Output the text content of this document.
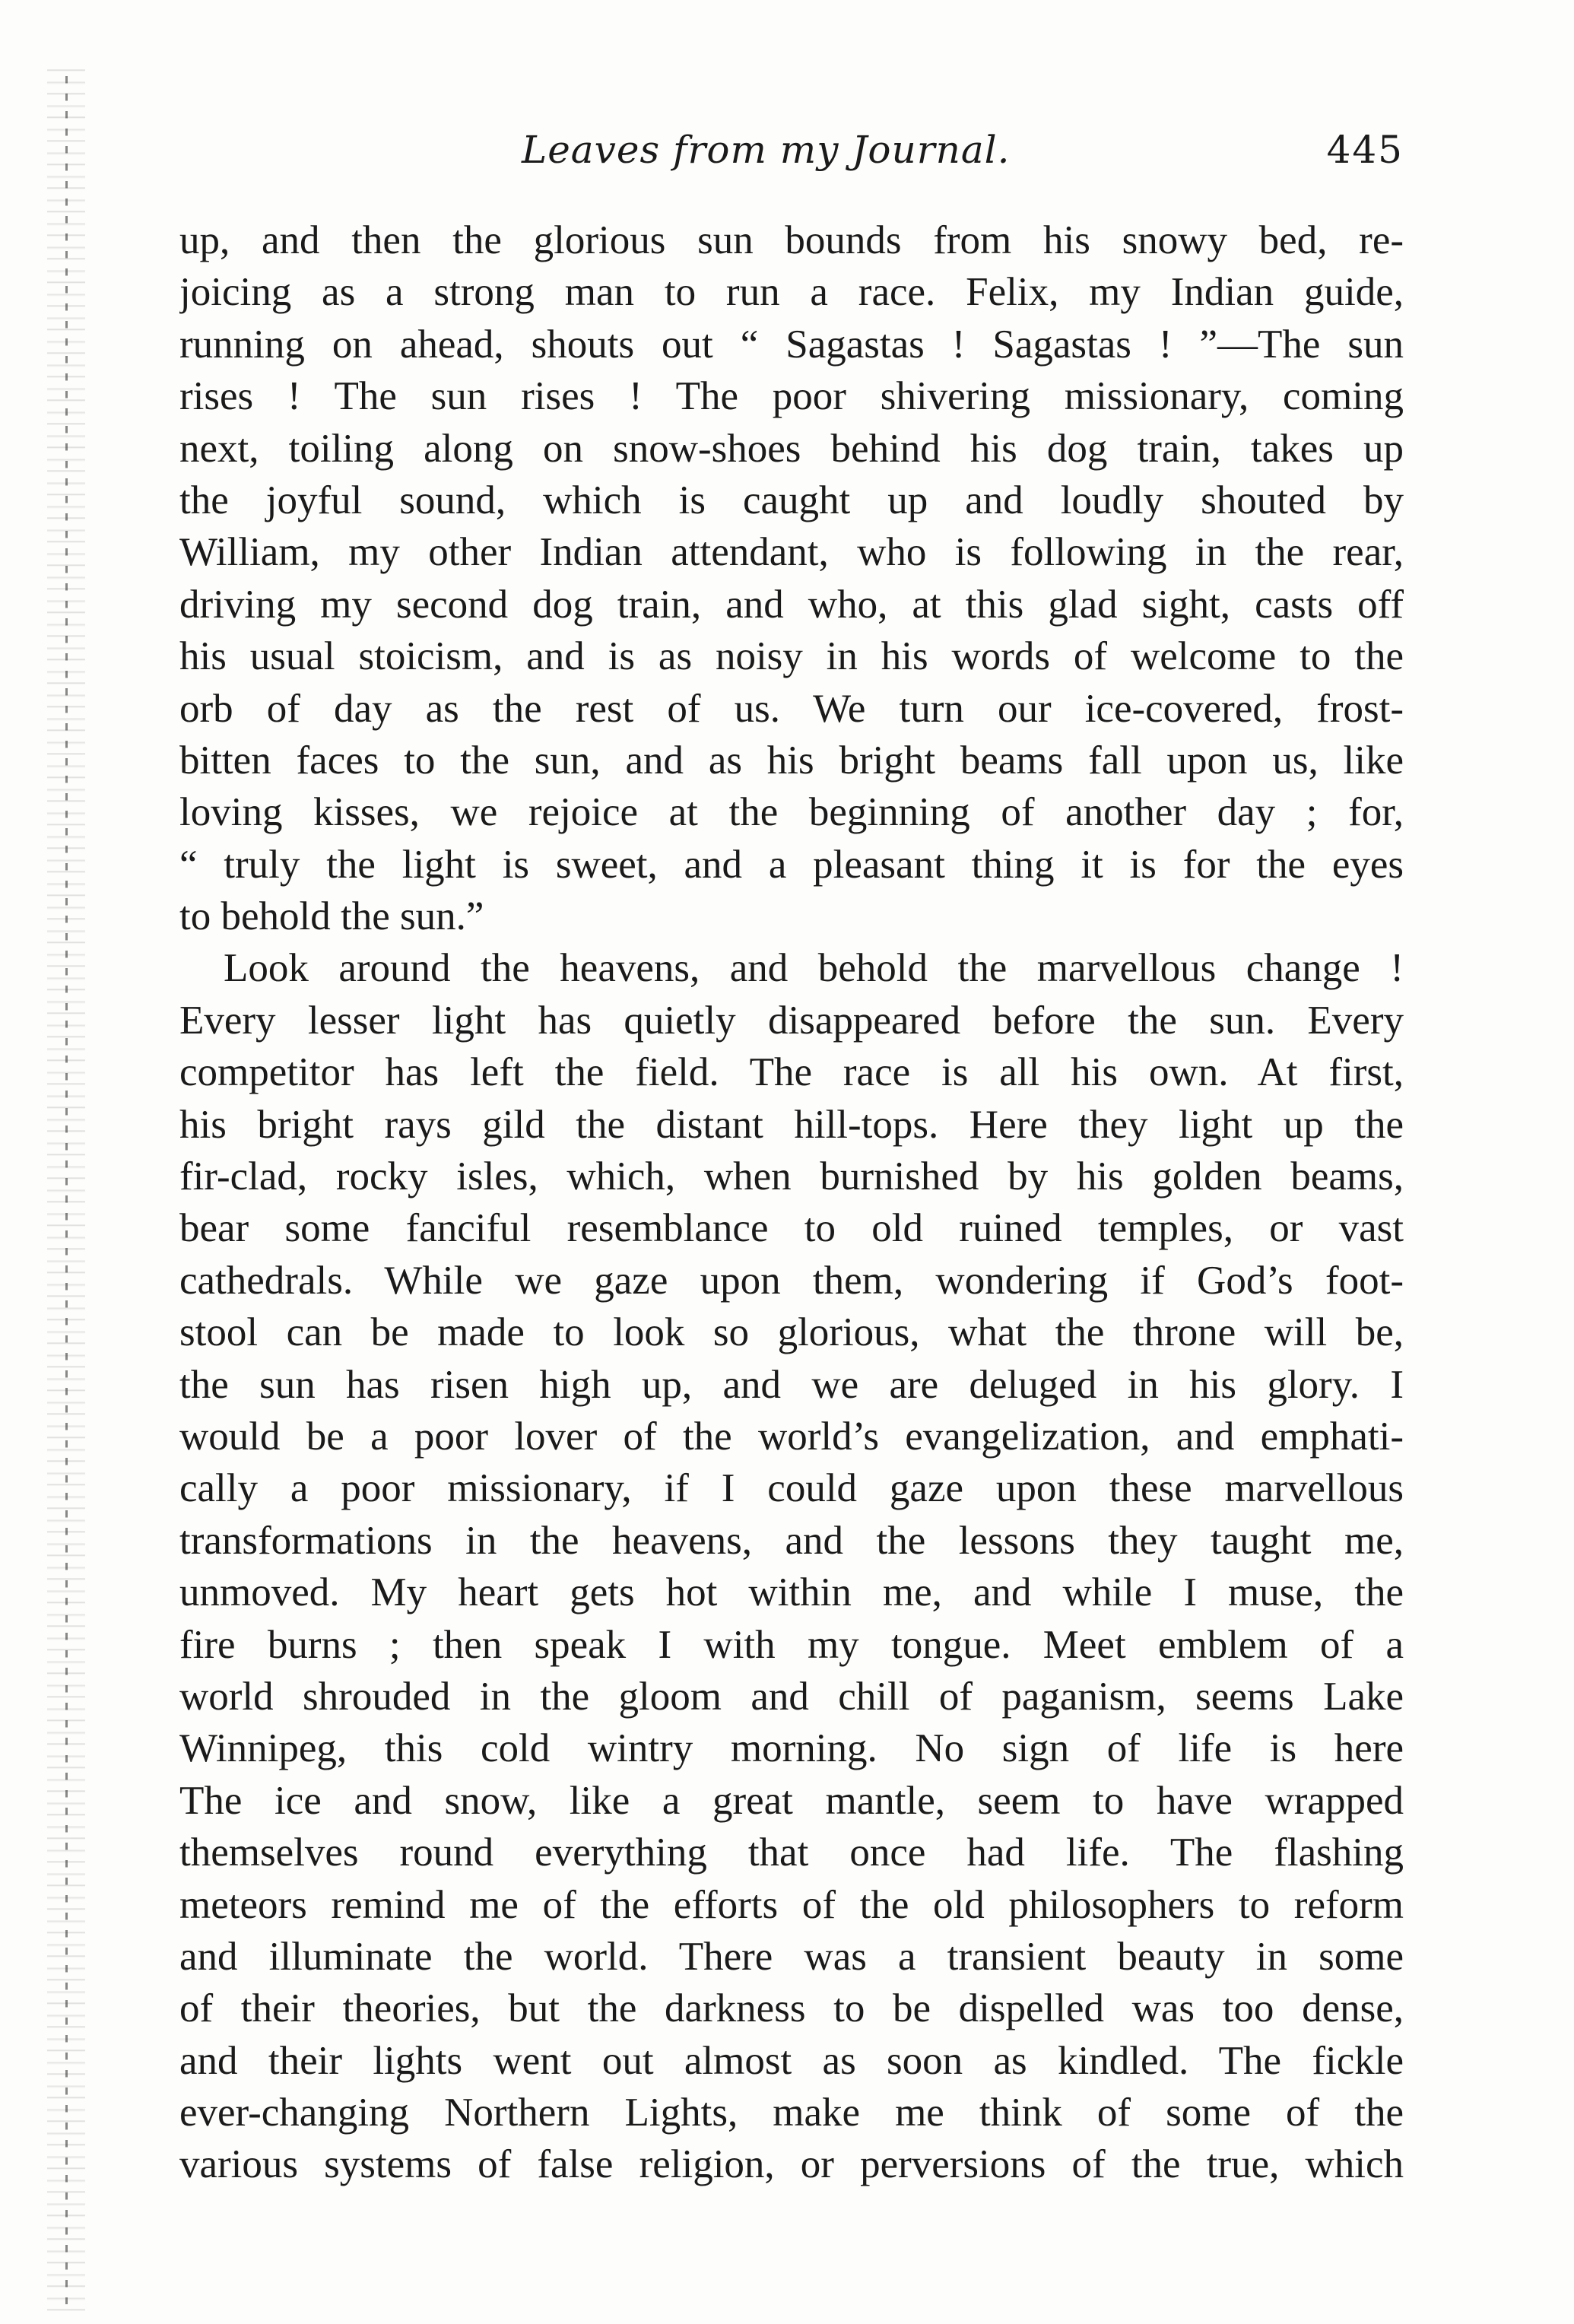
Leaves from my Journal.	445
up, and then the glorious sun bounds from his snowy bed, re-
joicing as a strong man to run a race. Felix, my Indian guide,
running on ahead, shouts out “ Sagastas ! Sagastas ! ”—The sun
rises ! The sun rises ! The poor shivering missionary, coming
next, toiling along on snow-shoes behind his dog train, takes up
the joyful sound, which is caught up and loudly shouted by
William, my other Indian attendant, who is following in the rear,
driving my second dog train, and who, at this glad sight, casts off
his usual stoicism, and is as noisy in his words of welcome to the
orb of day as the rest of us. We turn our ice-covered, frost-
bitten faces to the sun, and as his bright beams fall upon us, like
loving kisses, we rejoice at the beginning of another day ; for,
“ truly the light is sweet, and a pleasant thing it is for the eyes
to behold the sun.”
Look around the heavens, and behold the marvellous change !
Every lesser light has quietly disappeared before the sun. Every
competitor has left the field. The race is all his own. At first,
his bright rays gild the distant hill-tops. Here they light up the
fir-clad, rocky isles, which, when burnished by his golden beams,
bear some fanciful resemblance to old ruined temples, or vast
cathedrals. While we gaze upon them, wondering if God’s foot-
stool can be made to look so glorious, what the throne will be,
the sun has risen high up, and we are deluged in his glory. I
would be a poor lover of the world’s evangelization, and emphati-
cally a poor missionary, if I could gaze upon these marvellous
transformations in the heavens, and the lessons they taught me,
unmoved. My heart gets hot within me, and while I muse, the
fire burns ; then speak I with my tongue. Meet emblem of a
world shrouded in the gloom and chill of paganism, seems Lake
Winnipeg, this cold wintry morning. No sign of life is here
The ice and snow, like a great mantle, seem to have wrapped
themselves round everything that once had life. The flashing
meteors remind me of the efforts of the old philosophers to reform
and illuminate the world. There was a transient beauty in some
of their theories, but the darkness to be dispelled was too dense,
and their lights went out almost as soon as kindled. The fickle
ever-changing Northern Lights, make me think of some of the
various systems of false religion, or perversions of the true, which
